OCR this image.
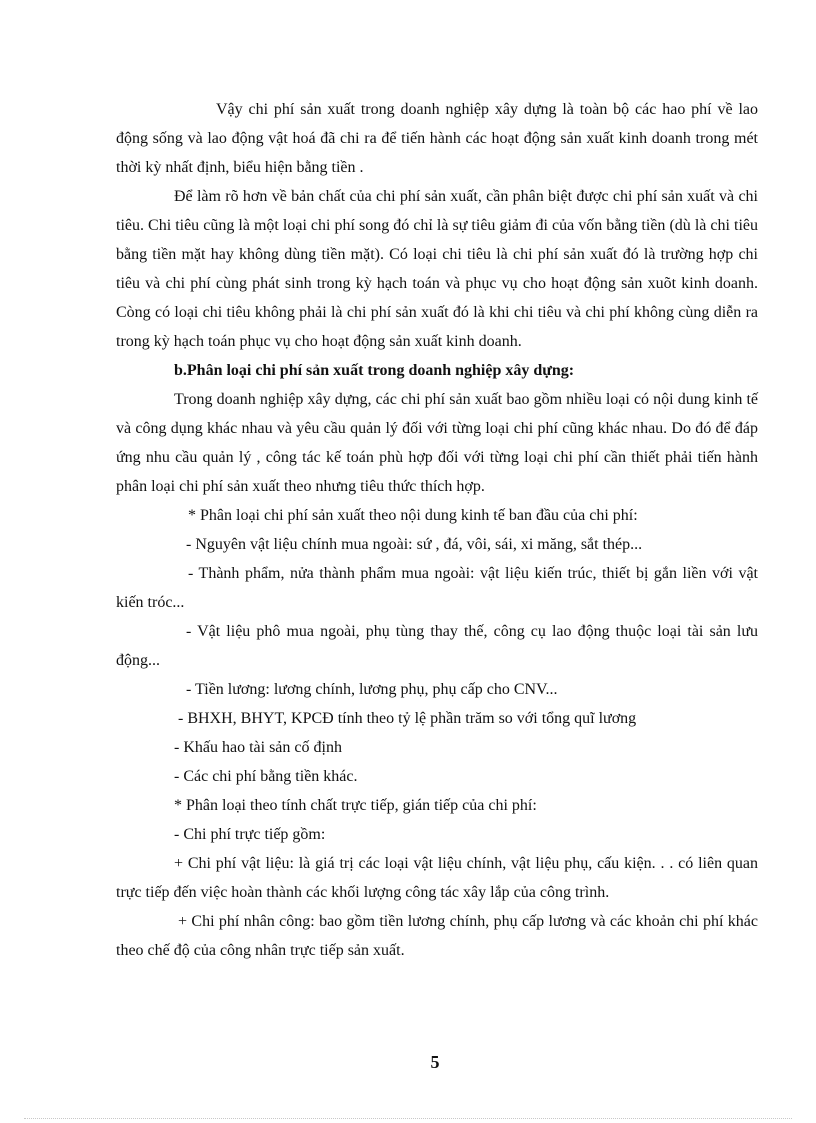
Vậy chi phí sản xuất trong doanh nghiệp xây dựng là toàn bộ các hao phí về lao động sống và lao động vật hoá đã chi ra để tiến hành các hoạt động sản xuất kinh doanh trong mét thời kỳ nhất định, biểu hiện bằng tiền .

Để làm rõ hơn về bản chất của chi phí sản xuất, cần phân biệt được chi phí sản xuất và chi tiêu. Chi tiêu cũng là một loại chi phí song đó chỉ là sự tiêu giảm đi của vốn bằng tiền (dù là chi tiêu bằng tiền mặt hay không dùng tiền mặt). Có loại chi tiêu là chi phí sản xuất đó là trường hợp chi tiêu và chi phí cùng phát sinh trong kỳ hạch toán và phục vụ cho hoạt động sản xuõt kinh doanh. Còng có loại chi tiêu không phải là chi phí sản xuất đó là khi chi tiêu và chi phí không cùng diễn ra trong kỳ hạch toán phục vụ cho hoạt động sản xuất kinh doanh.

b.Phân loại chi phí sản xuất trong doanh nghiệp xây dựng:

Trong doanh nghiệp xây dựng, các chi phí sản xuất bao gồm nhiều loại có nội dung kinh tế và công dụng khác nhau và yêu cầu quản lý đối với từng loại chi phí cũng khác nhau. Do đó để đáp ứng nhu cầu quản lý , công tác kế toán phù hợp đối với từng loại chi phí cần thiết phải tiến hành phân loại chi phí sản xuất theo nhưng tiêu thức thích hợp.

* Phân loại chi phí sản xuất theo nội dung kinh tế ban đầu của chi phí:

- Nguyên vật liệu chính mua ngoài: sứ , đá, vôi, sái, xi măng, sắt thép...

- Thành phẩm, nửa thành phẩm mua ngoài: vật liệu kiến trúc, thiết bị gắn liền với vật kiến tróc...

- Vật liệu phô mua ngoài, phụ tùng thay thế, công cụ lao động thuộc loại tài sản lưu động...

- Tiền lương: lương chính, lương phụ, phụ cấp cho CNV...

- BHXH, BHYT, KPCĐ tính theo tỷ lệ phần trăm so với tổng quĩ lương

- Khấu hao tài sản cố định

- Các chi phí bằng tiền khác.

* Phân loại theo tính chất trực tiếp, gián tiếp của chi phí:

- Chi phí trực tiếp gồm:

+ Chi phí vật liệu: là giá trị các loại vật liệu chính, vật liệu phụ, cấu kiện. . . có liên quan trực tiếp đến việc hoàn thành các khối lượng công tác xây lắp của công trình.

+ Chi phí nhân công: bao gồm tiền lương chính, phụ cấp lương và các khoản chi phí khác theo chế độ của công nhân trực tiếp sản xuất.

5
